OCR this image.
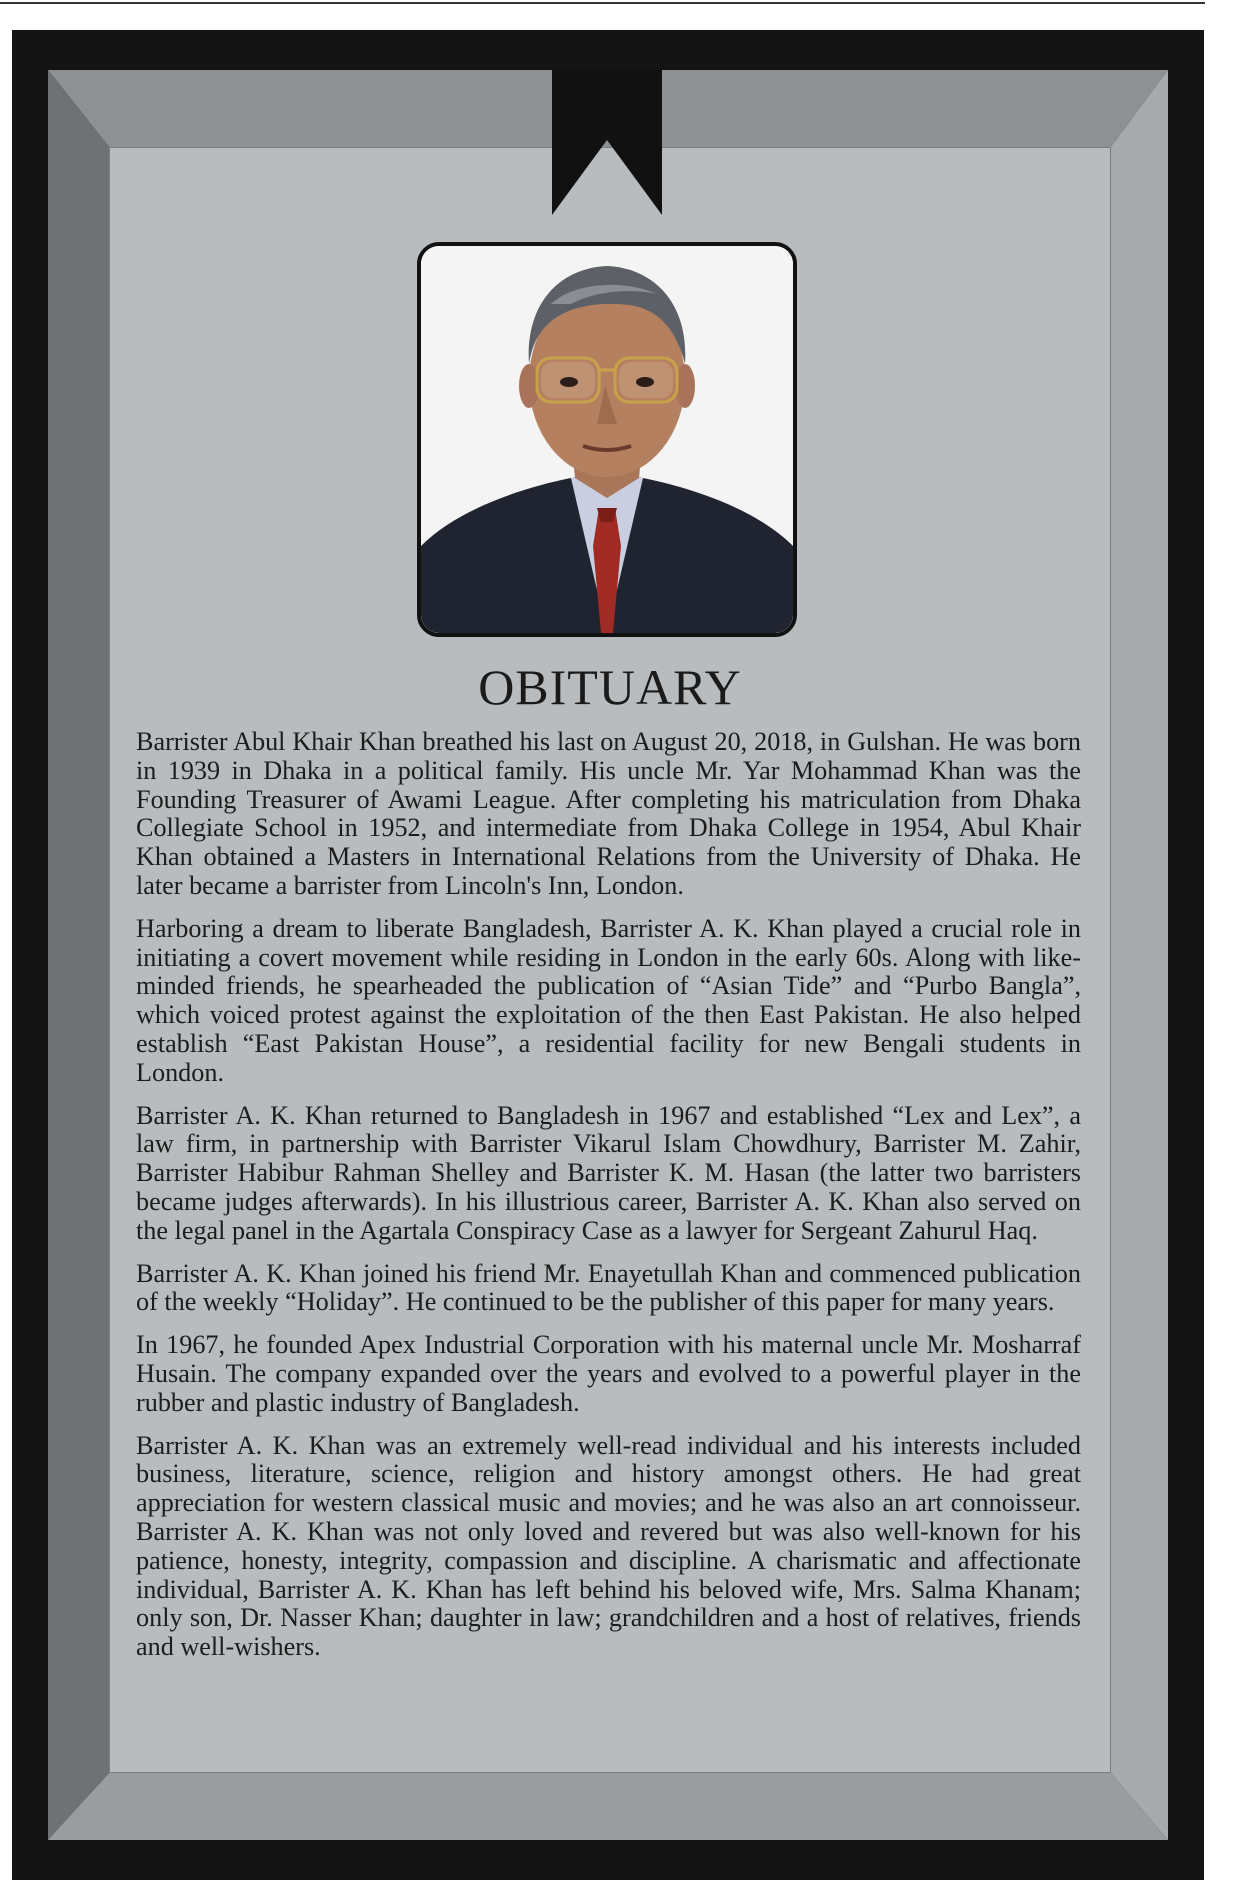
OBITUARY

Barrister Abul Khair Khan breathed his last on August 20, 2018, in Gulshan. He was born in 1939 in Dhaka in a political family. His uncle Mr. Yar Mohammad Khan was the Founding Treasurer of Awami League. After completing his matriculation from Dhaka Collegiate School in 1952, and intermediate from Dhaka College in 1954, Abul Khair Khan obtained a Masters in International Relations from the University of Dhaka. He later became a barrister from Lincoln's Inn, London.

Harboring a dream to liberate Bangladesh, Barrister A. K. Khan played a crucial role in initiating a covert movement while residing in London in the early 60s. Along with like-minded friends, he spearheaded the publication of “Asian Tide” and “Purbo Bangla”, which voiced protest against the exploitation of the then East Pakistan. He also helped establish “East Pakistan House”, a residential facility for new Bengali students in London.

Barrister A. K. Khan returned to Bangladesh in 1967 and established “Lex and Lex”, a law firm, in partnership with Barrister Vikarul Islam Chowdhury, Barrister M. Zahir, Barrister Habibur Rahman Shelley and Barrister K. M. Hasan (the latter two barristers became judges afterwards). In his illustrious career, Barrister A. K. Khan also served on the legal panel in the Agartala Conspiracy Case as a lawyer for Sergeant Zahurul Haq.

Barrister A. K. Khan joined his friend Mr. Enayetullah Khan and commenced publication of the weekly “Holiday”. He continued to be the publisher of this paper for many years.

In 1967, he founded Apex Industrial Corporation with his maternal uncle Mr. Mosharraf Husain. The company expanded over the years and evolved to a powerful player in the rubber and plastic industry of Bangladesh.

Barrister A. K. Khan was an extremely well-read individual and his interests included business, literature, science, religion and history amongst others. He had great appreciation for western classical music and movies; and he was also an art connoisseur. Barrister A. K. Khan was not only loved and revered but was also well-known for his patience, honesty, integrity, compassion and discipline. A charismatic and affectionate individual, Barrister A. K. Khan has left behind his beloved wife, Mrs. Salma Khanam; only son, Dr. Nasser Khan; daughter in law; grandchildren and a host of relatives, friends and well-wishers.
